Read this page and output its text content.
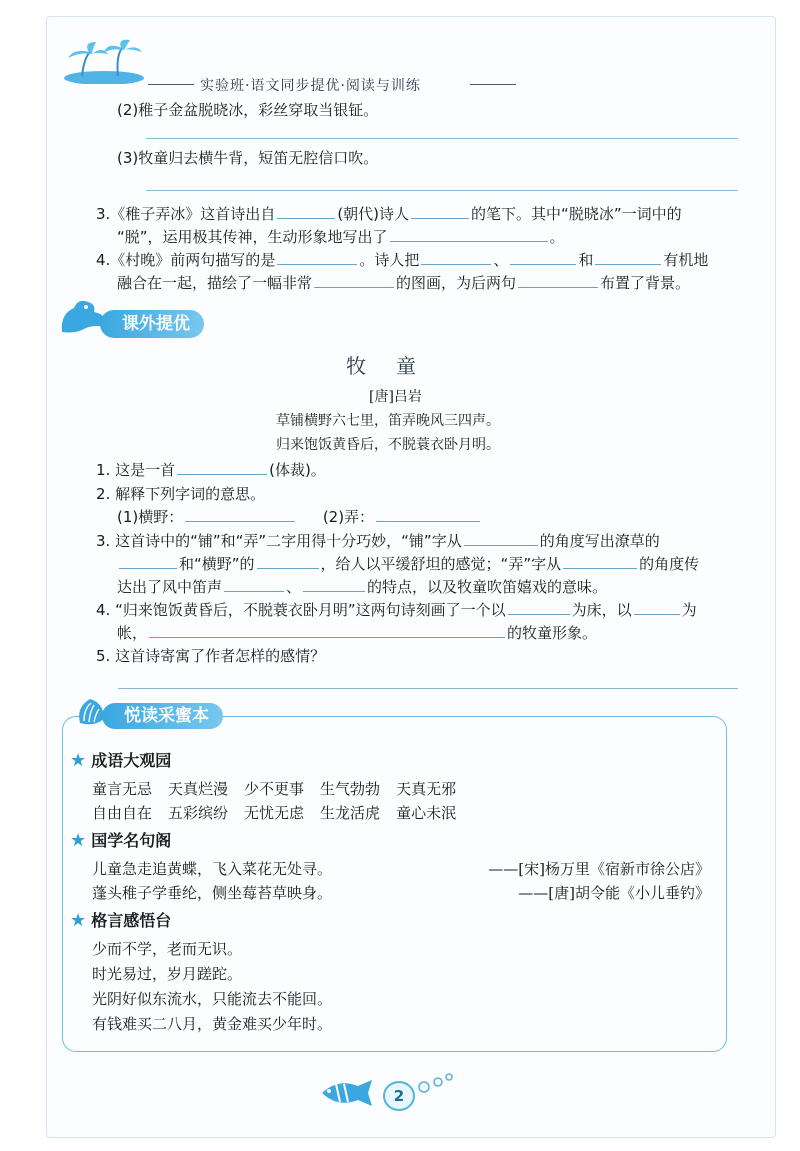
实验班·语文同步提优·阅读与训练
(2)稚子金盆脱晓冰，彩丝穿取当银钲。
(3)牧童归去横牛背，短笛无腔信口吹。
3.《稚子弄冰》这首诗出自	(朝代)诗人	的笔下。其中“脱晓冰”一词中的
“脱”，运用极其传神，生动形象地写出了	。
4.《村晚》前两句描写的是	。诗人把	、	和	有机地
融合在一起，描绘了一幅非常	的图画，为后两句	布置了背景。
课外提优
牧童
[唐]吕岩
草铺横野六七里，笛弄晚风三四声。
归来饱饭黄昏后，不脱蓑衣卧月明。
1. 这是一首	(体裁)。
2. 解释下列字词的意思。
(1)横野：	(2)弄：
3. 这首诗中的“铺”和“弄”二字用得十分巧妙，“铺”字从	的角度写出潦草的
和“横野”的	，给人以平缓舒坦的感觉；“弄”字从	的角度传
达出了风中笛声	、	的特点，以及牧童吹笛嬉戏的意味。
4. “归来饱饭黄昏后，不脱蓑衣卧月明”这两句诗刻画了一个以	为床，以	为
帐，	的牧童形象。
5. 这首诗寄寓了作者怎样的感情？
悦读采蜜本
★ 成语大观园
童言无忌 天真烂漫 少不更事 生气勃勃 天真无邪
自由自在 五彩缤纷 无忧无虑 生龙活虎 童心未泯
★ 国学名句阁
儿童急走追黄蝶，飞入菜花无处寻。	——[宋]杨万里《宿新市徐公店》
蓬头稚子学垂纶，侧坐莓苔草映身。	——[唐]胡令能《小儿垂钓》
★ 格言感悟台
少而不学，老而无识。
时光易过，岁月蹉跎。
光阴好似东流水，只能流去不能回。
有钱难买二八月，黄金难买少年时。
2
